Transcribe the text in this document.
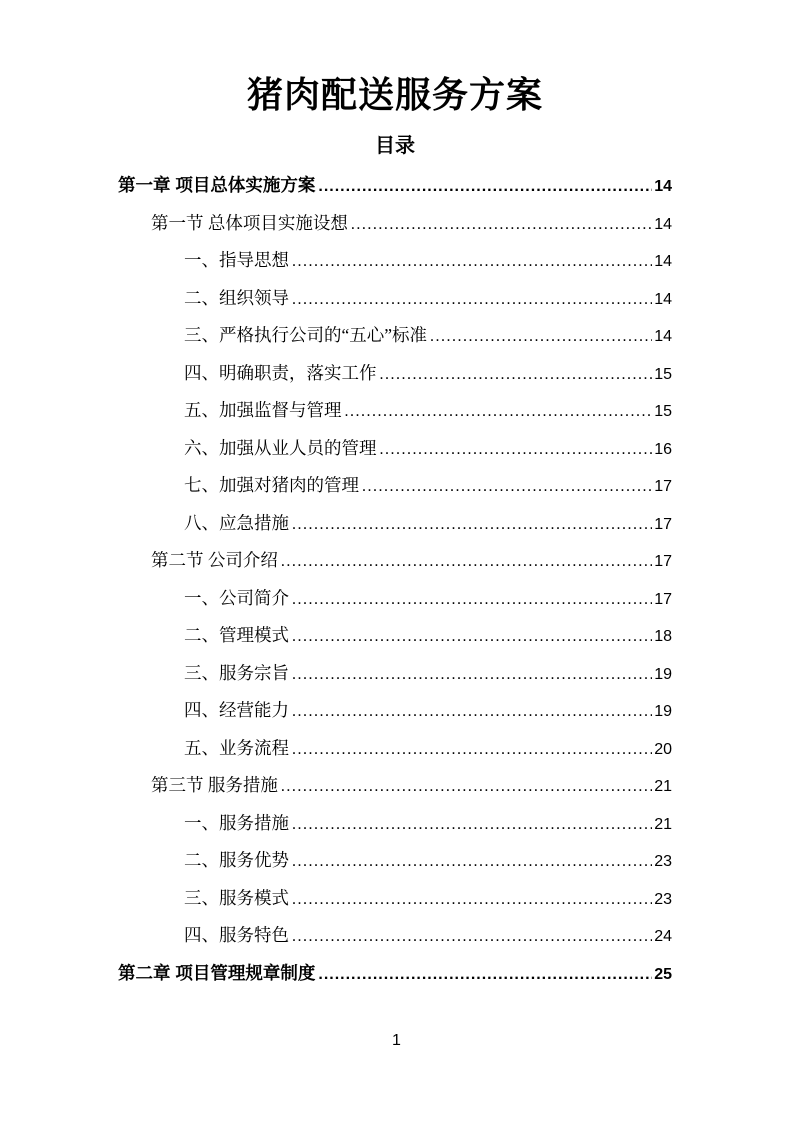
猪肉配送服务方案
目录
第一章 项目总体实施方案 .....	14
第一节 总体项目实施设想 .....	14
一、指导思想 .....	14
二、组织领导 .....	14
三、严格执行公司的“五心”标准 .....	14
四、明确职责，落实工作 .....	15
五、加强监督与管理 .....	15
六、加强从业人员的管理 .....	16
七、加强对猪肉的管理 .....	17
八、应急措施 .....	17
第二节 公司介绍 .....	17
一、公司简介 .....	17
二、管理模式 .....	18
三、服务宗旨 .....	19
四、经营能力 .....	19
五、业务流程 .....	20
第三节 服务措施 .....	21
一、服务措施 .....	21
二、服务优势 .....	23
三、服务模式 .....	23
四、服务特色 .....	24
第二章 项目管理规章制度 .....	25
1
